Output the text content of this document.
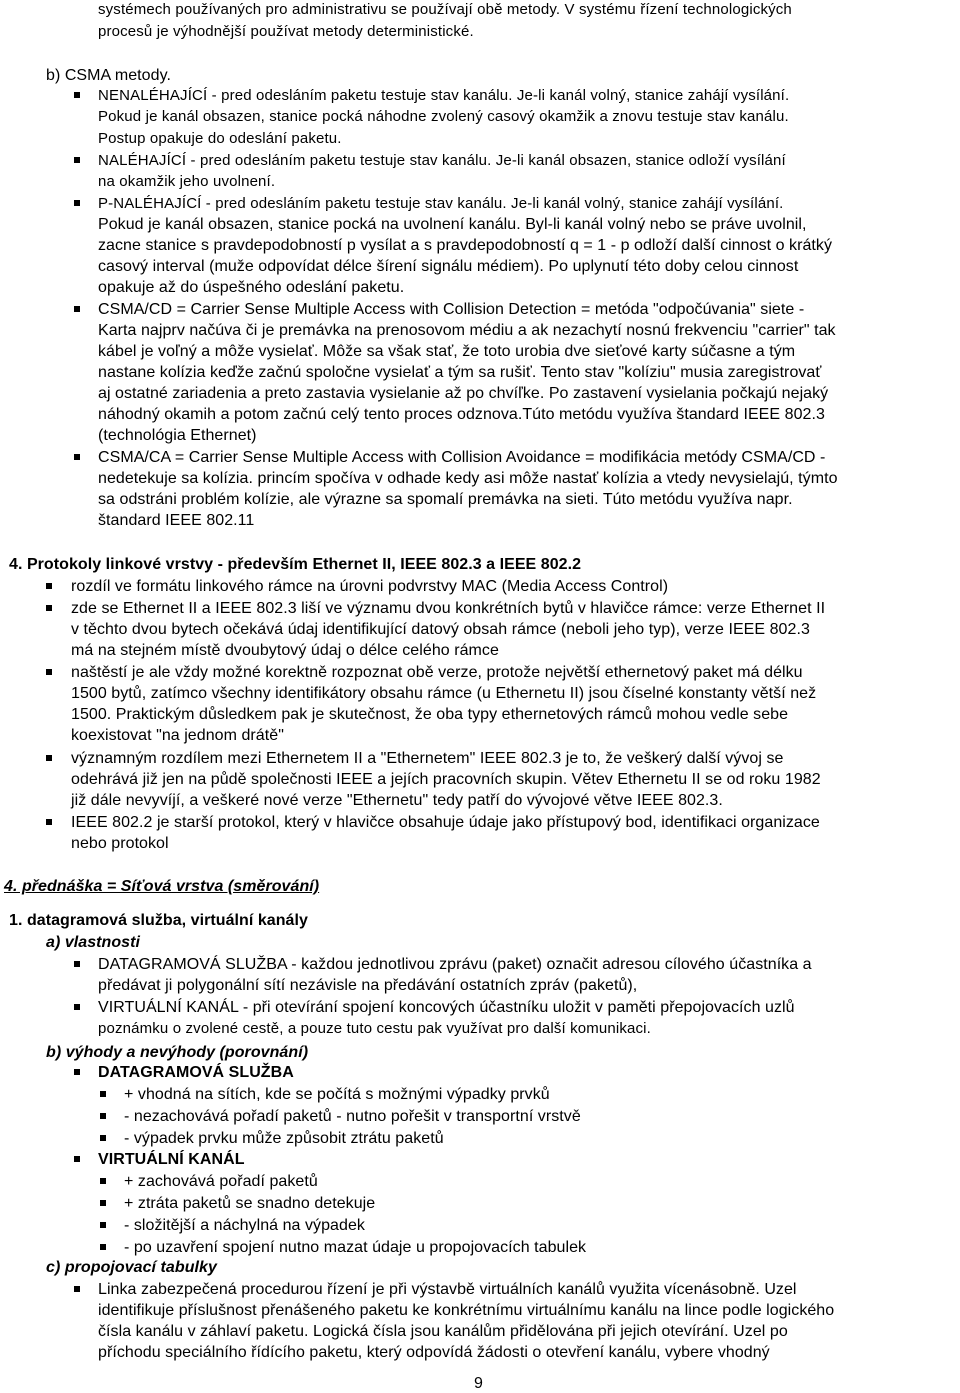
systémech používaných pro administrativu se používají obě metody. V systému řízení technologických
procesů je výhodnější používat metody deterministické.
b) CSMA metody.
NENALÉHAJÍCÍ - pred odesláním paketu testuje stav kanálu. Je-li kanál volný, stanice zahájí vysílání.
Pokud je kanál obsazen, stanice pocká náhodne zvolený casový okamžik a znovu testuje stav kanálu.
Postup opakuje do odeslání paketu.
NALÉHAJÍCÍ - pred odesláním paketu testuje stav kanálu. Je-li kanál obsazen, stanice odloží vysílání
na okamžik jeho uvolnení.
P-NALÉHAJÍCÍ - pred odesláním paketu testuje stav kanálu. Je-li kanál volný, stanice zahájí vysílání.
Pokud je kanál obsazen, stanice pocká na uvolnení kanálu. Byl-li kanál volný nebo se práve uvolnil,
zacne stanice s pravdepodobností p vysílat a s pravdepodobností q = 1 - p odloží další cinnost o krátký
casový interval (muže odpovídat délce šírení signálu médiem). Po uplynutí této doby celou cinnost
opakuje až do úspešného odeslání paketu.
CSMA/CD = Carrier Sense Multiple Access with Collision Detection = metóda "odpočúvania" siete -
Karta najprv načúva či je premávka na prenosovom médiu a ak nezachytí nosnú frekvenciu "carrier" tak
kábel je voľný a môže vysielať. Môže sa však stať, že toto urobia dve sieťové karty súčasne a tým
nastane kolízia keďže začnú spoločne vysielať a tým sa rušiť. Tento stav "kolíziu" musia zaregistrovať
aj ostatné zariadenia a preto zastavia vysielanie až po chvíľke. Po zastavení vysielania počkajú nejaký
náhodný okamih a potom začnú celý tento proces odznova.Túto metódu využíva štandard IEEE 802.3
(technológia Ethernet)
CSMA/CA = Carrier Sense Multiple Access with Collision Avoidance = modifikácia metódy CSMA/CD -
nedetekuje sa kolízia. princím spočíva v odhade kedy asi môže nastať kolízia a vtedy nevysielajú, týmto
sa odstráni problém kolízie, ale výrazne sa spomalí premávka na sieti. Túto metódu využíva napr.
štandard IEEE 802.11
4. Protokoly linkové vrstvy - především Ethernet II, IEEE 802.3 a IEEE 802.2
rozdíl ve formátu linkového rámce na úrovni podvrstvy MAC (Media Access Control)
zde se Ethernet II a IEEE 802.3 liší ve významu dvou konkrétních bytů v hlavičce rámce: verze Ethernet II
v těchto dvou bytech očekává údaj identifikující datový obsah rámce (neboli jeho typ), verze IEEE 802.3
má na stejném místě dvoubytový údaj o délce celého rámce
naštěstí je ale vždy možné korektně rozpoznat obě verze, protože největší ethernetový paket má délku
1500 bytů, zatímco všechny identifikátory obsahu rámce (u Ethernetu II) jsou číselné konstanty větší než
1500. Praktickým důsledkem pak je skutečnost, že oba typy ethernetových rámců mohou vedle sebe
koexistovat "na jednom drátě"
významným rozdílem mezi Ethernetem II a "Ethernetem" IEEE 802.3 je to, že veškerý další vývoj se
odehrává již jen na půdě společnosti IEEE a jejích pracovních skupin. Větev Ethernetu II se od roku 1982
již dále nevyvíjí, a veškeré nové verze "Ethernetu" tedy patří do vývojové větve IEEE 802.3.
IEEE 802.2 je starší protokol, který v hlavičce obsahuje údaje jako přístupový bod, identifikaci organizace
nebo protokol
4. přednáška = Síťová vrstva (směrování)
1. datagramová služba, virtuální kanály
a) vlastnosti
DATAGRAMOVÁ SLUŽBA - každou jednotlivou zprávu (paket) označit adresou cílového účastníka a
předávat ji polygonální sítí nezávisle na předávání ostatních zpráv (paketů),
VIRTUÁLNÍ KANÁL - při otevírání spojení koncových účastníku uložit v paměti přepojovacích uzlů
poznámku o zvolené cestě, a pouze tuto cestu pak využívat pro další komunikaci.
b) výhody a nevýhody (porovnání)
DATAGRAMOVÁ SLUŽBA
+ vhodná na sítích, kde se počítá s možnými výpadky prvků
- nezachovává pořadí paketů - nutno pořešit v transportní vrstvě
- výpadek prvku může způsobit ztrátu paketů
VIRTUÁLNÍ KANÁL
+ zachovává pořadí paketů
+ ztráta paketů se snadno detekuje
- složitější a náchylná na výpadek
- po uzavření spojení nutno mazat údaje u propojovacích tabulek
c) propojovací tabulky
Linka zabezpečená procedurou řízení je při výstavbě virtuálních kanálů využita vícenásobně. Uzel
identifikuje příslušnost přenášeného paketu ke konkrétnímu virtuálnímu kanálu na lince podle logického
čísla kanálu v záhlaví paketu. Logická čísla jsou kanálům přidělována při jejich otevírání. Uzel po
příchodu speciálního řídícího paketu, který odpovídá žádosti o otevření kanálu, vybere vhodný
9
